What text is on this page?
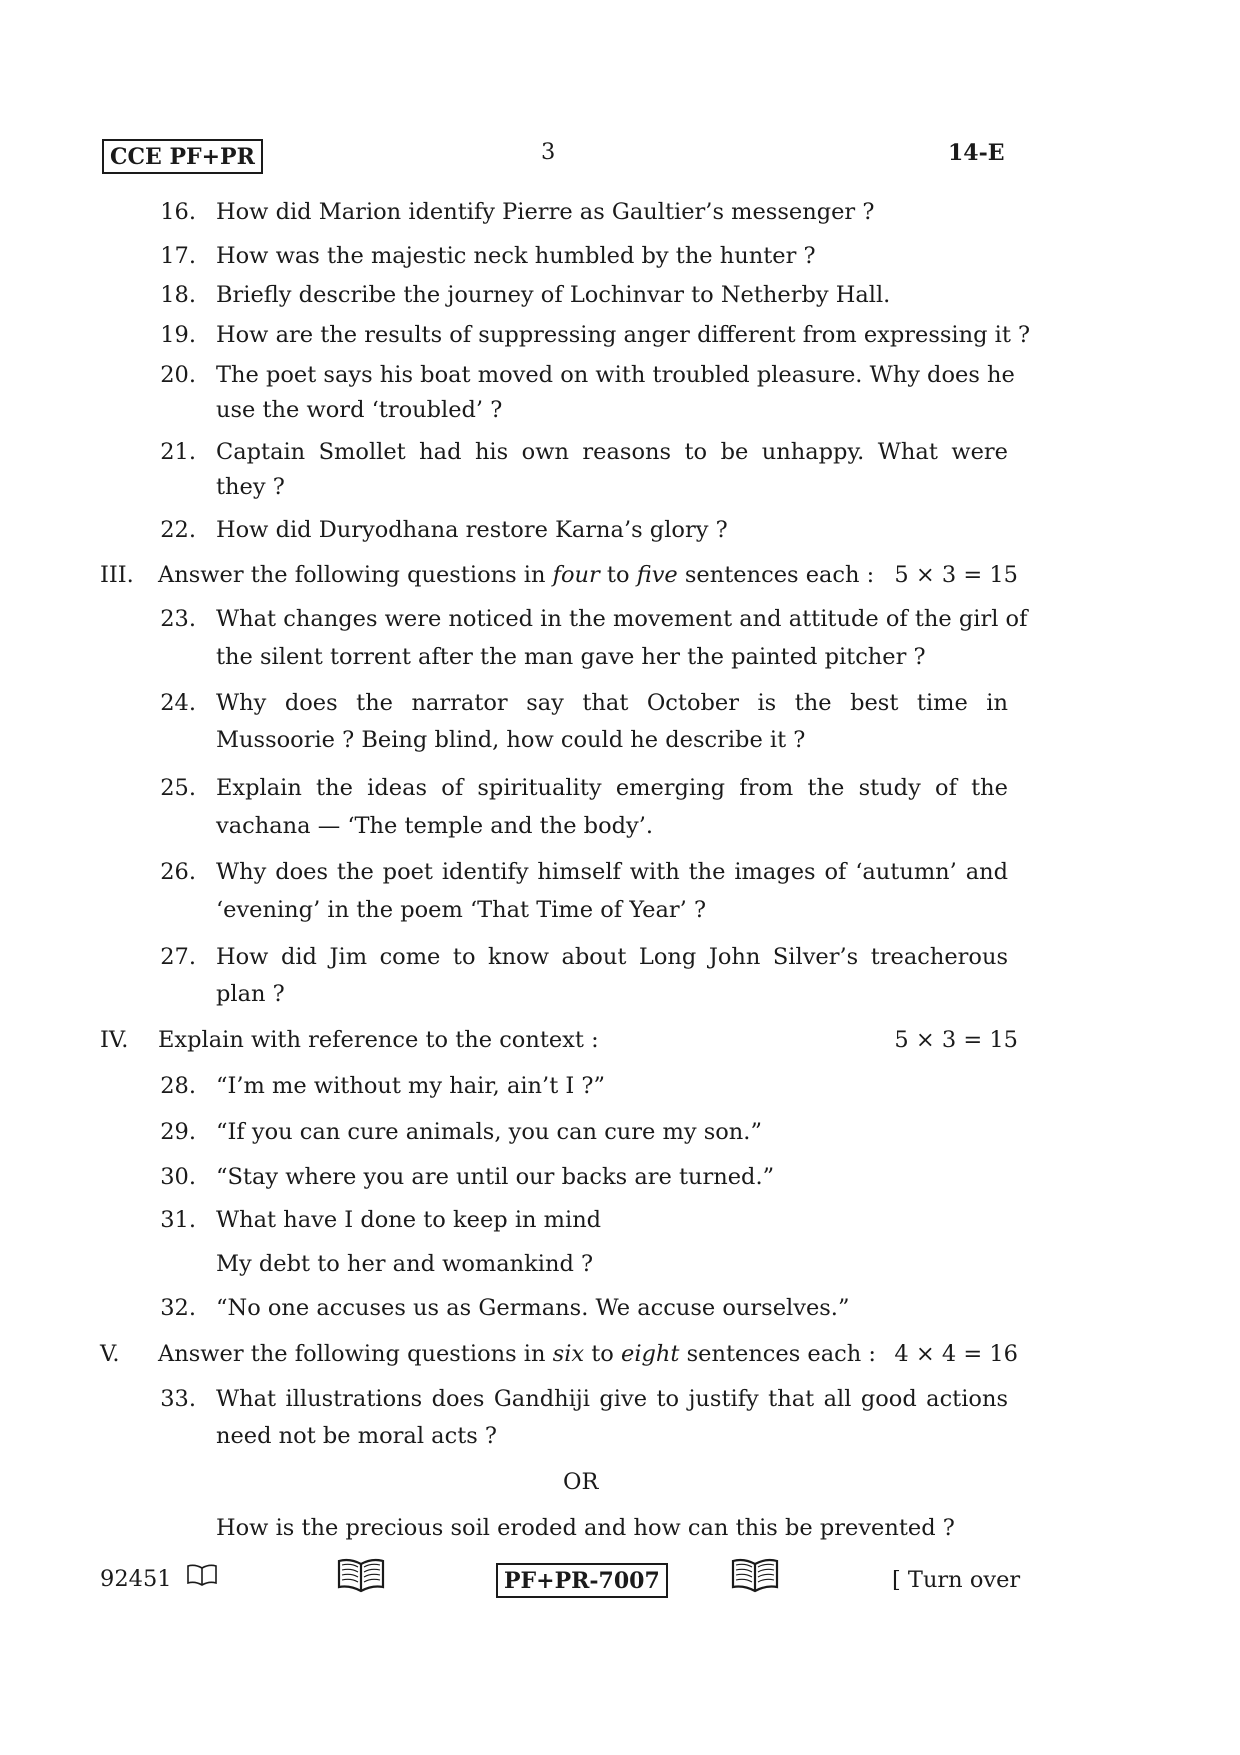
CCE PF+PR	3	14-E
16. How did Marion identify Pierre as Gaultier’s messenger ?
17. How was the majestic neck humbled by the hunter ?
18. Briefly describe the journey of Lochinvar to Netherby Hall.
19. How are the results of suppressing anger different from expressing it ?
20. The poet says his boat moved on with troubled pleasure. Why does he
use the word ‘troubled’ ?
21. Captain Smollet had his own reasons to be unhappy. What were
they ?
22. How did Duryodhana restore Karna’s glory ?
III. Answer the following questions in four to five sentences each : 5 × 3 = 15
23. What changes were noticed in the movement and attitude of the girl of
the silent torrent after the man gave her the painted pitcher ?
24. Why does the narrator say that October is the best time in
Mussoorie ? Being blind, how could he describe it ?
25. Explain the ideas of spirituality emerging from the study of the
vachana — ‘The temple and the body’.
26. Why does the poet identify himself with the images of ‘autumn’ and
‘evening’ in the poem ‘That Time of Year’ ?
27. How did Jim come to know about Long John Silver’s treacherous
plan ?
IV. Explain with reference to the context :	5 × 3 = 15
28. “I’m me without my hair, ain’t I ?”
29. “If you can cure animals, you can cure my son.”
30. “Stay where you are until our backs are turned.”
31. What have I done to keep in mind
My debt to her and womankind ?
32. “No one accuses us as Germans. We accuse ourselves.”
V. Answer the following questions in six to eight sentences each : 4 × 4 = 16
33. What illustrations does Gandhiji give to justify that all good actions
need not be moral acts ?
OR
How is the precious soil eroded and how can this be prevented ?
92451	PF+PR-7007	[ Turn over
